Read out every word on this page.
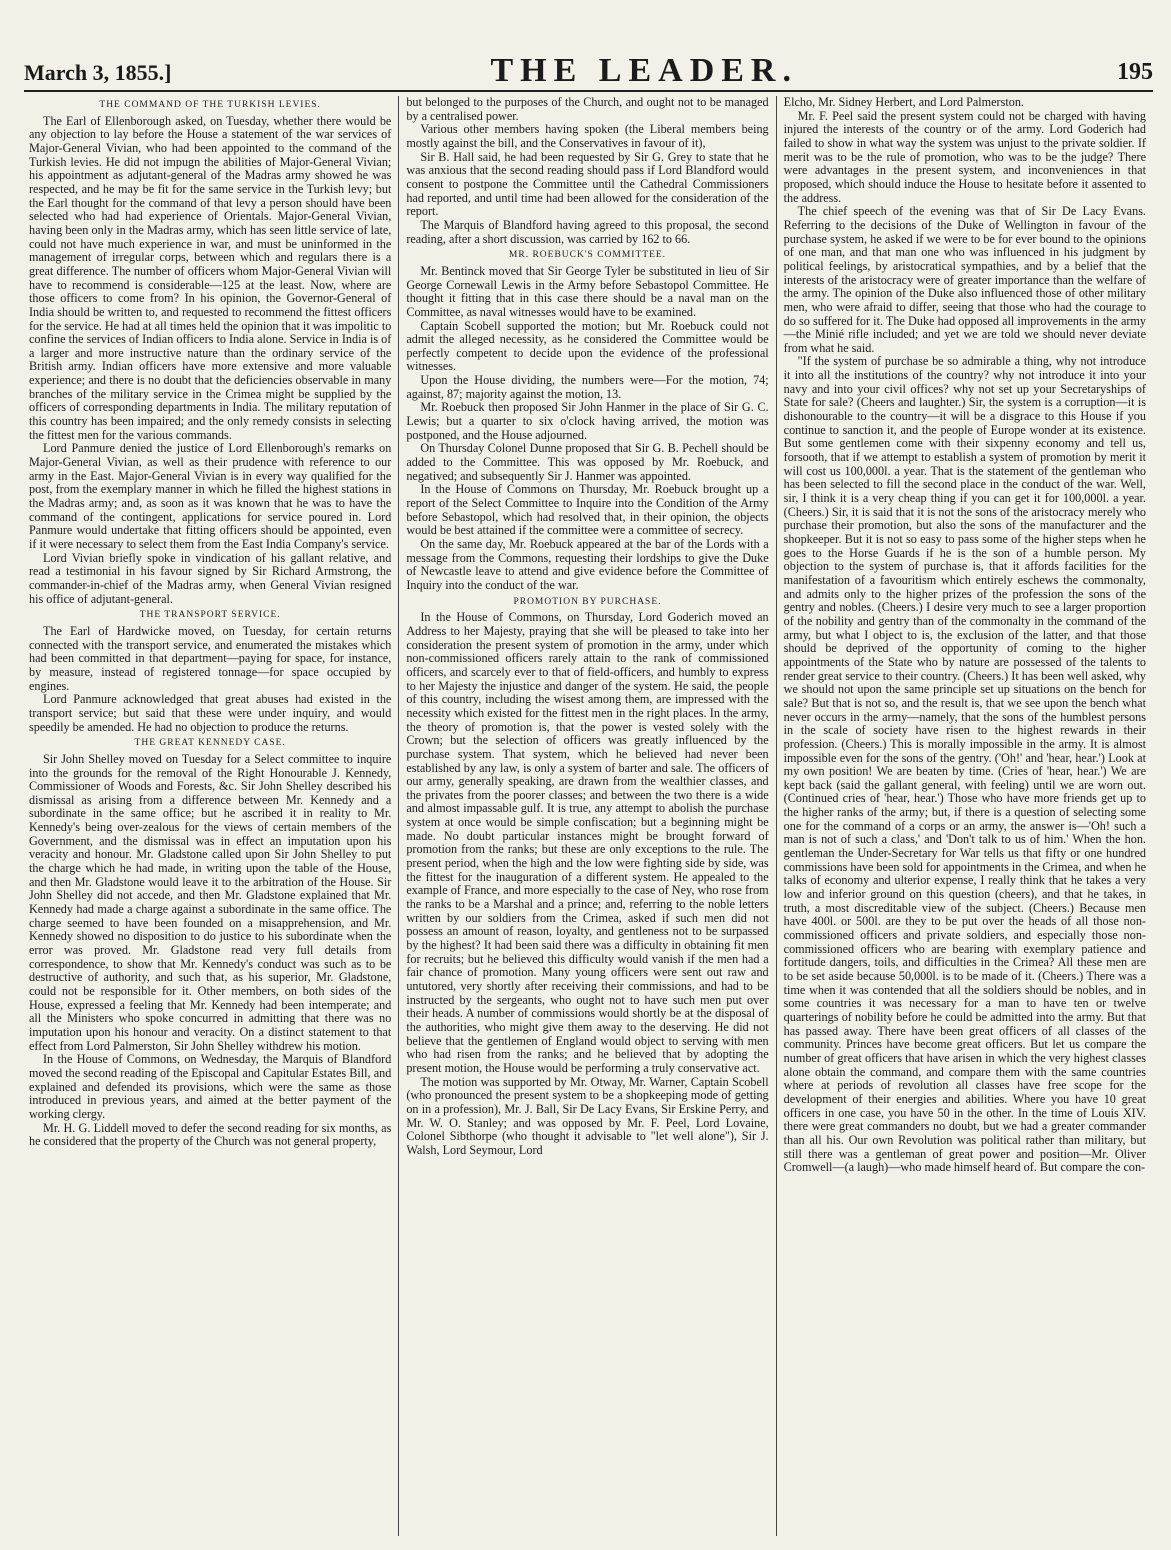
March 3, 1855.]	THE LEADER.	195
THE COMMAND OF THE TURKISH LEVIES.

The Earl of Ellenborough asked, on Tuesday, whether there would be any objection to lay before the House a statement of the war services of Major-General Vivian, who had been appointed to the command of the Turkish levies. He did not impugn the abilities of Major-General Vivian; his appointment as adjutant-general of the Madras army showed he was respected, and he may be fit for the same service in the Turkish levy; but the Earl thought for the command of that levy a person should have been selected who had had experience of Orientals. Major-General Vivian, having been only in the Madras army, which has seen little service of late, could not have much experience in war, and must be uninformed in the management of irregular corps, between which and regulars there is a great difference. The number of officers whom Major-General Vivian will have to recommend is considerable—125 at the least. Now, where are those officers to come from? In his opinion, the Governor-General of India should be written to, and requested to recommend the fittest officers for the service. He had at all times held the opinion that it was impolitic to confine the services of Indian officers to India alone. Service in India is of a larger and more instructive nature than the ordinary service of the British army. Indian officers have more extensive and more valuable experience; and there is no doubt that the deficiencies observable in many branches of the military service in the Crimea might be supplied by the officers of corresponding departments in India. The military reputation of this country has been impaired; and the only remedy consists in selecting the fittest men for the various commands.

Lord Panmure denied the justice of Lord Ellenborough's remarks on Major-General Vivian, as well as their prudence with reference to our army in the East. Major-General Vivian is in every way qualified for the post, from the exemplary manner in which he filled the highest stations in the Madras army; and, as soon as it was known that he was to have the command of the contingent, applications for service poured in. Lord Panmure would undertake that fitting officers should be appointed, even if it were necessary to select them from the East India Company's service.

Lord Vivian briefly spoke in vindication of his gallant relative, and read a testimonial in his favour signed by Sir Richard Armstrong, the commander-in-chief of the Madras army, when General Vivian resigned his office of adjutant-general.

THE TRANSPORT SERVICE.

The Earl of Hardwicke moved, on Tuesday, for certain returns connected with the transport service, and enumerated the mistakes which had been committed in that department—paying for space, for instance, by measure, instead of registered tonnage—for space occupied by engines.

Lord Panmure acknowledged that great abuses had existed in the transport service; but said that these were under inquiry, and would speedily be amended. He had no objection to produce the returns.

THE GREAT KENNEDY CASE.

Sir John Shelley moved on Tuesday for a Select committee to inquire into the grounds for the removal of the Right Honourable J. Kennedy, Commissioner of Woods and Forests, &c. Sir John Shelley described his dismissal as arising from a difference between Mr. Kennedy and a subordinate in the same office; but he ascribed it in reality to Mr. Kennedy's being over-zealous for the views of certain members of the Government, and the dismissal was in effect an imputation upon his veracity and honour. Mr. Gladstone called upon Sir John Shelley to put the charge which he had made, in writing upon the table of the House, and then Mr. Gladstone would leave it to the arbitration of the House. Sir John Shelley did not accede, and then Mr. Gladstone explained that Mr. Kennedy had made a charge against a subordinate in the same office. The charge seemed to have been founded on a misapprehension, and Mr. Kennedy showed no disposition to do justice to his subordinate when the error was proved. Mr. Gladstone read very full details from correspondence, to show that Mr. Kennedy's conduct was such as to be destructive of authority, and such that, as his superior, Mr. Gladstone, could not be responsible for it. Other members, on both sides of the House, expressed a feeling that Mr. Kennedy had been intemperate; and all the Ministers who spoke concurred in admitting that there was no imputation upon his honour and veracity. On a distinct statement to that effect from Lord Palmerston, Sir John Shelley withdrew his motion.

In the House of Commons, on Wednesday, the Marquis of Blandford moved the second reading of the Episcopal and Capitular Estates Bill, and explained and defended its provisions, which were the same as those introduced in previous years, and aimed at the better payment of the working clergy.

Mr. H. G. Liddell moved to defer the second reading for six months, as he considered that the property of the Church was not general property,

but belonged to the purposes of the Church, and ought not to be managed by a centralised power.

Various other members having spoken (the Liberal members being mostly against the bill, and the Conservatives in favour of it),

Sir B. Hall said, he had been requested by Sir G. Grey to state that he was anxious that the second reading should pass if Lord Blandford would consent to postpone the Committee until the Cathedral Commissioners had reported, and until time had been allowed for the consideration of the report.

The Marquis of Blandford having agreed to this proposal, the second reading, after a short discussion, was carried by 162 to 66.

MR. ROEBUCK'S COMMITTEE.

Mr. Bentinck moved that Sir George Tyler be substituted in lieu of Sir George Cornewall Lewis in the Army before Sebastopol Committee. He thought it fitting that in this case there should be a naval man on the Committee, as naval witnesses would have to be examined.

Captain Scobell supported the motion; but Mr. Roebuck could not admit the alleged necessity, as he considered the Committee would be perfectly competent to decide upon the evidence of the professional witnesses.

Upon the House dividing, the numbers were—For the motion, 74; against, 87; majority against the motion, 13.

Mr. Roebuck then proposed Sir John Hanmer in the place of Sir G. C. Lewis; but a quarter to six o'clock having arrived, the motion was postponed, and the House adjourned.

On Thursday Colonel Dunne proposed that Sir G. B. Pechell should be added to the Committee. This was opposed by Mr. Roebuck, and negatived; and subsequently Sir J. Hanmer was appointed.

In the House of Commons on Thursday, Mr. Roebuck brought up a report of the Select Committee to Inquire into the Condition of the Army before Sebastopol, which had resolved that, in their opinion, the objects would be best attained if the committee were a committee of secrecy.

On the same day, Mr. Roebuck appeared at the bar of the Lords with a message from the Commons, requesting their lordships to give the Duke of Newcastle leave to attend and give evidence before the Committee of Inquiry into the conduct of the war.

PROMOTION BY PURCHASE.

In the House of Commons, on Thursday, Lord Goderich moved an Address to her Majesty, praying that she will be pleased to take into her consideration the present system of promotion in the army, under which non-commissioned officers rarely attain to the rank of commissioned officers, and scarcely ever to that of field-officers, and humbly to express to her Majesty the injustice and danger of the system. He said, the people of this country, including the wisest among them, are impressed with the necessity which existed for the fittest men in the right places. In the army, the theory of promotion is, that the power is vested solely with the Crown; but the selection of officers was greatly influenced by the purchase system. That system, which he believed had never been established by any law, is only a system of barter and sale. The officers of our army, generally speaking, are drawn from the wealthier classes, and the privates from the poorer classes; and between the two there is a wide and almost impassable gulf. It is true, any attempt to abolish the purchase system at once would be simple confiscation; but a beginning might be made. No doubt particular instances might be brought forward of promotion from the ranks; but these are only exceptions to the rule. The present period, when the high and the low were fighting side by side, was the fittest for the inauguration of a different system. He appealed to the example of France, and more especially to the case of Ney, who rose from the ranks to be a Marshal and a prince; and, referring to the noble letters written by our soldiers from the Crimea, asked if such men did not possess an amount of reason, loyalty, and gentleness not to be surpassed by the highest? It had been said there was a difficulty in obtaining fit men for recruits; but he believed this difficulty would vanish if the men had a fair chance of promotion. Many young officers were sent out raw and untutored, very shortly after receiving their commissions, and had to be instructed by the sergeants, who ought not to have such men put over their heads. A number of commissions would shortly be at the disposal of the authorities, who might give them away to the deserving. He did not believe that the gentlemen of England would object to serving with men who had risen from the ranks; and he believed that by adopting the present motion, the House would be performing a truly conservative act.

The motion was supported by Mr. Otway, Mr. Warner, Captain Scobell (who pronounced the present system to be a shopkeeping mode of getting on in a profession), Mr. J. Ball, Sir De Lacy Evans, Sir Erskine Perry, and Mr. W. O. Stanley; and was opposed by Mr. F. Peel, Lord Lovaine, Colonel Sibthorpe (who thought it advisable to "let well alone"), Sir J. Walsh, Lord Seymour, Lord

Elcho, Mr. Sidney Herbert, and Lord Palmerston.

Mr. F. Peel said the present system could not be charged with having injured the interests of the country or of the army. Lord Goderich had failed to show in what way the system was unjust to the private soldier. If merit was to be the rule of promotion, who was to be the judge? There were advantages in the present system, and inconveniences in that proposed, which should induce the House to hesitate before it assented to the address.

The chief speech of the evening was that of Sir De Lacy Evans. Referring to the decisions of the Duke of Wellington in favour of the purchase system, he asked if we were to be for ever bound to the opinions of one man, and that man one who was influenced in his judgment by political feelings, by aristocratical sympathies, and by a belief that the interests of the aristocracy were of greater importance than the welfare of the army. The opinion of the Duke also influenced those of other military men, who were afraid to differ, seeing that those who had the courage to do so suffered for it. The Duke had opposed all improvements in the army—the Minié rifle included; and yet we are told we should never deviate from what he said.

"If the system of purchase be so admirable a thing, why not introduce it into all the institutions of the country? why not introduce it into your navy and into your civil offices? why not set up your Secretaryships of State for sale? (Cheers and laughter.) Sir, the system is a corruption—it is dishonourable to the country—it will be a disgrace to this House if you continue to sanction it, and the people of Europe wonder at its existence. But some gentlemen come with their sixpenny economy and tell us, forsooth, that if we attempt to establish a system of promotion by merit it will cost us 100,000l. a year. That is the statement of the gentleman who has been selected to fill the second place in the conduct of the war. Well, sir, I think it is a very cheap thing if you can get it for 100,000l. a year. (Cheers.) Sir, it is said that it is not the sons of the aristocracy merely who purchase their promotion, but also the sons of the manufacturer and the shopkeeper. But it is not so easy to pass some of the higher steps when he goes to the Horse Guards if he is the son of a humble person. My objection to the system of purchase is, that it affords facilities for the manifestation of a favouritism which entirely eschews the commonalty, and admits only to the higher prizes of the profession the sons of the gentry and nobles. (Cheers.) I desire very much to see a larger proportion of the nobility and gentry than of the commonalty in the command of the army, but what I object to is, the exclusion of the latter, and that those should be deprived of the opportunity of coming to the higher appointments of the State who by nature are possessed of the talents to render great service to their country. (Cheers.) It has been well asked, why we should not upon the same principle set up situations on the bench for sale? But that is not so, and the result is, that we see upon the bench what never occurs in the army—namely, that the sons of the humblest persons in the scale of society have risen to the highest rewards in their profession. (Cheers.) This is morally impossible in the army. It is almost impossible even for the sons of the gentry. ('Oh!' and 'hear, hear.') Look at my own position! We are beaten by time. (Cries of 'hear, hear.') We are kept back (said the gallant general, with feeling) until we are worn out. (Continued cries of 'hear, hear.') Those who have more friends get up to the higher ranks of the army; but, if there is a question of selecting some one for the command of a corps or an army, the answer is—'Oh! such a man is not of such a class,' and 'Don't talk to us of him.' When the hon. gentleman the Under-Secretary for War tells us that fifty or one hundred commissions have been sold for appointments in the Crimea, and when he talks of economy and ulterior expense, I really think that he takes a very low and inferior ground on this question (cheers), and that he takes, in truth, a most discreditable view of the subject. (Cheers.) Because men have 400l. or 500l. are they to be put over the heads of all those non-commissioned officers and private soldiers, and especially those non-commissioned officers who are bearing with exemplary patience and fortitude dangers, toils, and difficulties in the Crimea? All these men are to be set aside because 50,000l. is to be made of it. (Cheers.) There was a time when it was contended that all the soldiers should be nobles, and in some countries it was necessary for a man to have ten or twelve quarterings of nobility before he could be admitted into the army. But that has passed away. There have been great officers of all classes of the community. Princes have become great officers. But let us compare the number of great officers that have arisen in which the very highest classes alone obtain the command, and compare them with the same countries where at periods of revolution all classes have free scope for the development of their energies and abilities. Where you have 10 great officers in one case, you have 50 in the other. In the time of Louis XIV. there were great commanders no doubt, but we had a greater commander than all his. Our own Revolution was political rather than military, but still there was a gentleman of great power and position—Mr. Oliver Cromwell—(a laugh)—who made himself heard of. But compare the con-
